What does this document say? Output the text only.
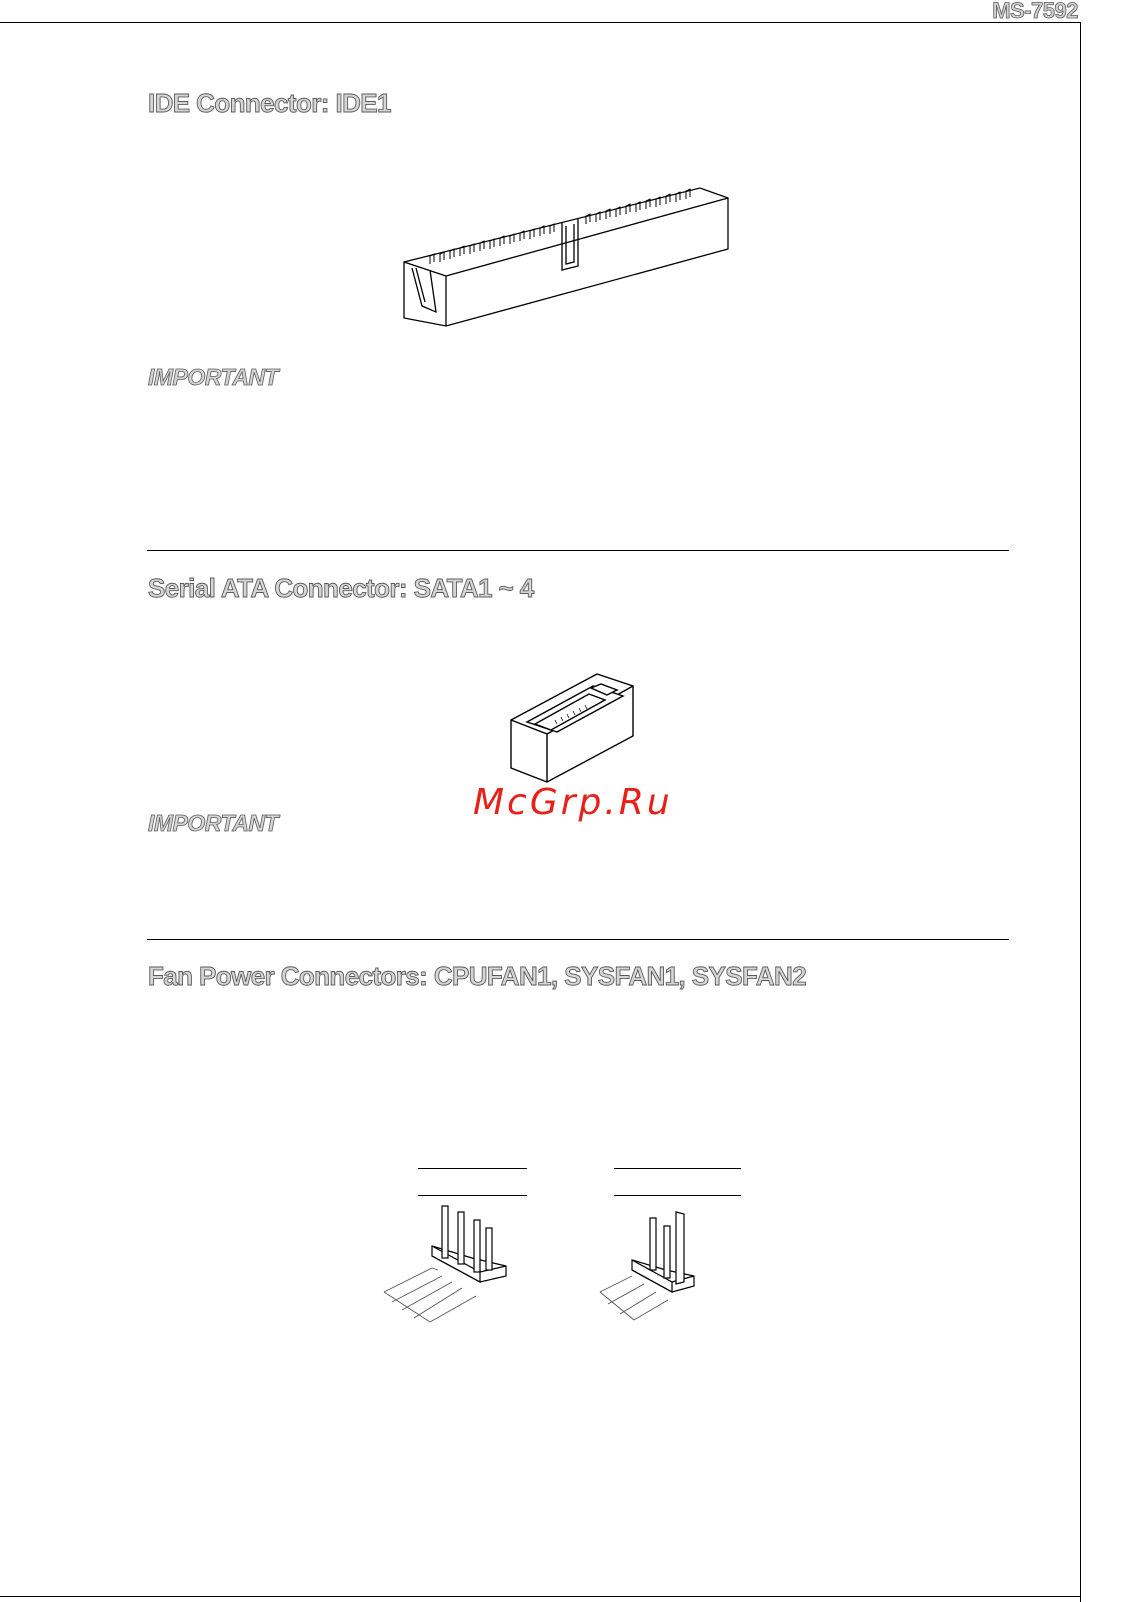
MS-7592
IDE Connector: IDE1
IMPORTANT
Serial ATA Connector: SATA1 ~ 4
McGrp.Ru
IMPORTANT
Fan Power Connectors: CPUFAN1, SYSFAN1, SYSFAN2
